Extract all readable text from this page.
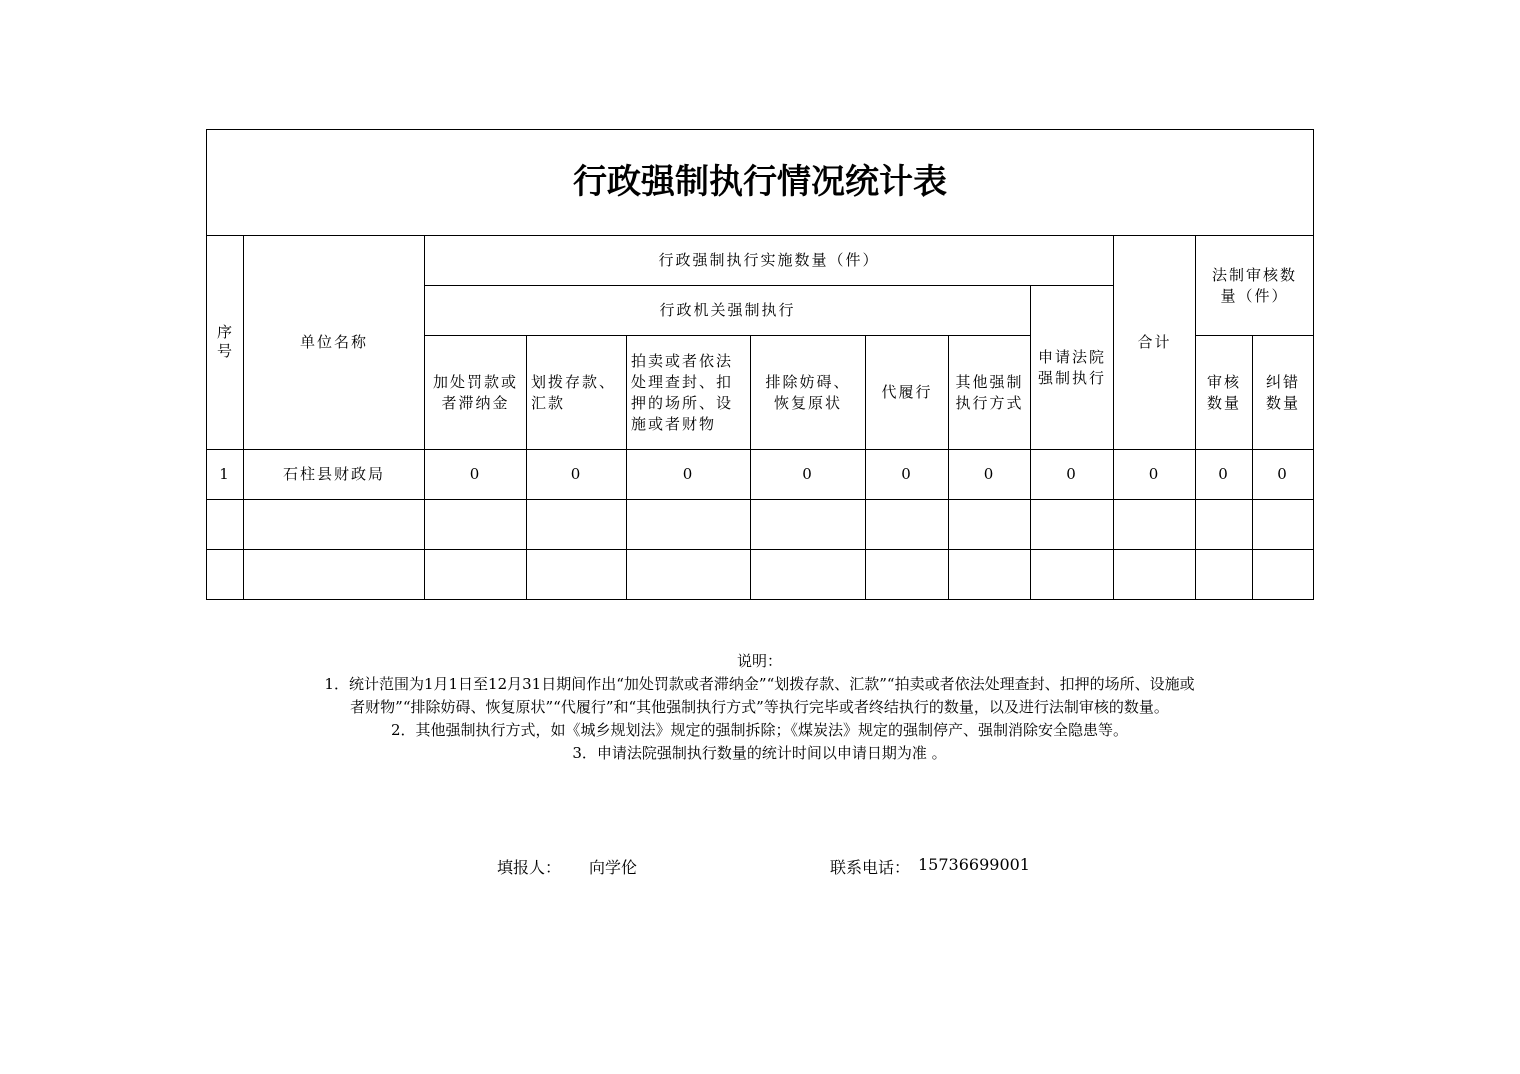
行政强制执行情况统计表											
序号	单位名称	行政强制执行实施数量（件）							合计	法制审核数量（件）	
		行政机关强制执行						申请法院强制执行			
		加处罚款或者滞纳金	划拨存款、汇款	拍卖或者依法处理查封、扣押的场所、设施或者财物	排除妨碍、恢复原状	代履行	其他强制执行方式			审核数量	纠错数量
1	石柱县财政局	0	0	0	0	0	0	0	0	0	0

说明：

1．统计范围为1月1日至12月31日期间作出“加处罚款或者滞纳金”“划拨存款、汇款”“拍卖或者依法处理查封、扣押的场所、设施或

者财物”“排除妨碍、恢复原状”“代履行”和“其他强制执行方式”等执行完毕或者终结执行的数量，以及进行法制审核的数量。

2．其他强制执行方式，如《城乡规划法》规定的强制拆除；《煤炭法》规定的强制停产、强制消除安全隐患等。

3．申请法院强制执行数量的统计时间以申请日期为准 。

填报人： 向学伦	联系电话： 15736699001
